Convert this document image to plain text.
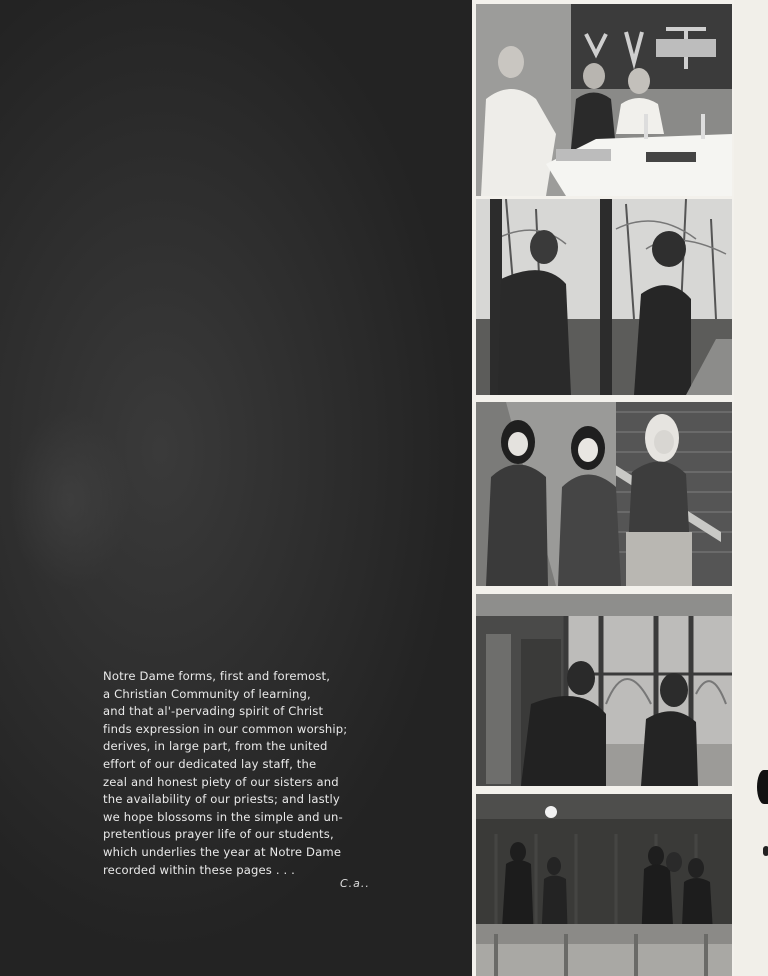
Notre Dame forms, first and foremost,
a Christian Community of learning,
and that al'-pervading spirit of Christ
finds expression in our common worship;
derives, in large part, from the united
effort of our dedicated lay staff, the
zeal and honest piety of our sisters and
the availability of our priests; and lastly
we hope blossoms in the simple and un-
pretentious prayer life of our students,
which underlies the year at Notre Dame
recorded within these pages . . .
C.a..
